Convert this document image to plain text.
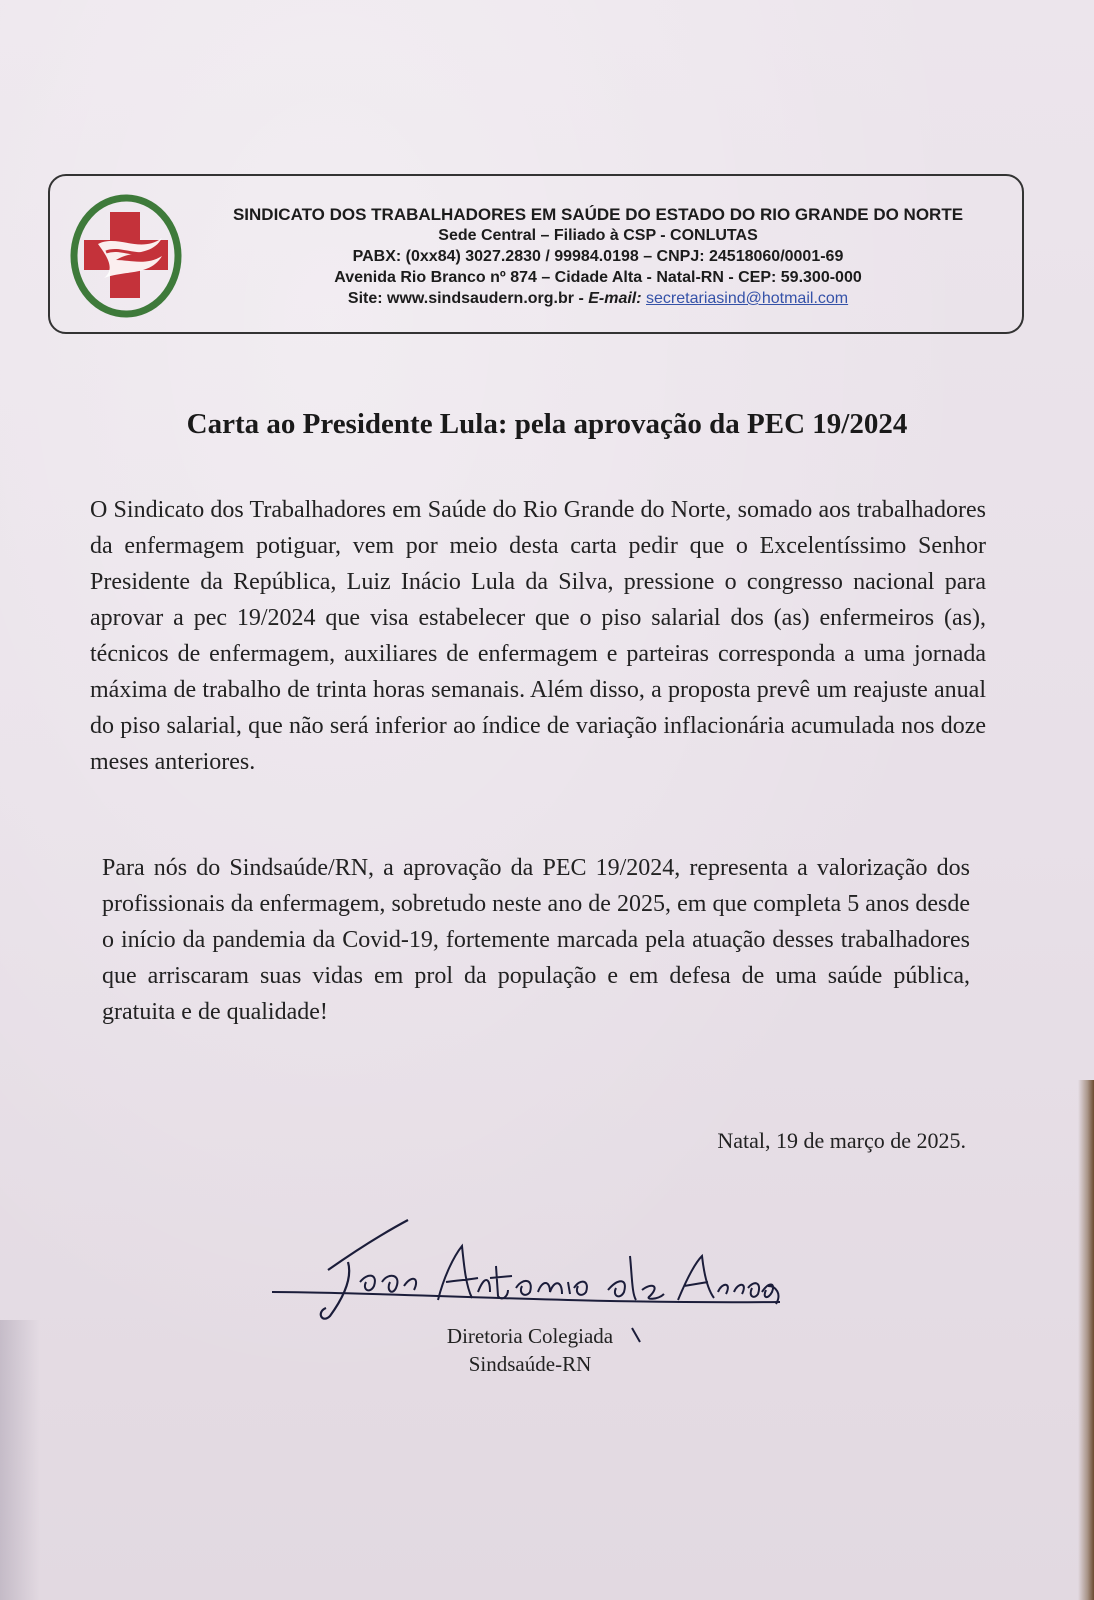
SINDICATO DOS TRABALHADORES EM SAÚDE DO ESTADO DO RIO GRANDE DO NORTE
Sede Central – Filiado à CSP - CONLUTAS
PABX: (0xx84) 3027.2830 / 99984.0198 – CNPJ: 24518060/0001-69
Avenida Rio Branco nº 874 – Cidade Alta - Natal-RN - CEP: 59.300-000
Site: www.sindsaudern.org.br - E-mail: secretariasind@hotmail.com
Carta ao Presidente Lula: pela aprovação da PEC 19/2024
O Sindicato dos Trabalhadores em Saúde do Rio Grande do Norte, somado aos trabalhadores da enfermagem potiguar, vem por meio desta carta pedir que o Excelentíssimo Senhor Presidente da República, Luiz Inácio Lula da Silva, pressione o congresso nacional para aprovar a pec 19/2024 que visa estabelecer que o piso salarial dos (as) enfermeiros (as), técnicos de enfermagem, auxiliares de enfermagem e parteiras corresponda a uma jornada máxima de trabalho de trinta horas semanais. Além disso, a proposta prevê um reajuste anual do piso salarial, que não será inferior ao índice de variação inflacionária acumulada nos doze meses anteriores.
Para nós do Sindsaúde/RN, a aprovação da PEC 19/2024, representa a valorização dos profissionais da enfermagem, sobretudo neste ano de 2025, em que completa 5 anos desde o início da pandemia da Covid-19, fortemente marcada pela atuação desses trabalhadores que arriscaram suas vidas em prol da população e em defesa de uma saúde pública, gratuita e de qualidade!
Natal, 19 de março de 2025.
Diretoria Colegiada
Sindsaúde-RN
